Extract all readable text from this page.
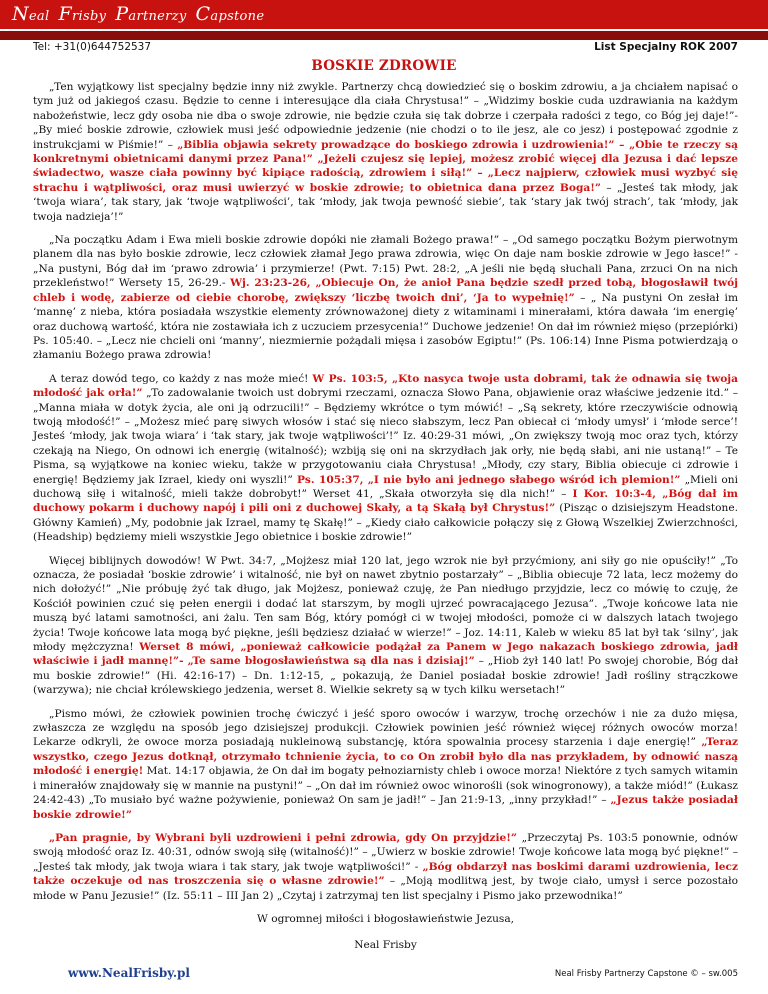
Neal Frisby Partnerzy Capstone
Tel: +31(0)644752537	List Specjalny ROK 2007
BOSKIE ZDROWIE

„Ten wyjątkowy list specjalny będzie inny niż zwykle. Partnerzy chcą dowiedzieć się o boskim zdrowiu, a ja chciałem napisać o tym już od jakiegoś czasu. Będzie to cenne i interesujące dla ciała Chrystusa!” – „Widzimy boskie cuda uzdrawiania na każdym nabożeństwie, lecz gdy osoba nie dba o swoje zdrowie, nie będzie czuła się tak dobrze i czerpała radości z tego, co Bóg jej daje!”- „By mieć boskie zdrowie, człowiek musi jeść odpowiednie jedzenie (nie chodzi o to ile jesz, ale co jesz) i postępować zgodnie z instrukcjami w Piśmie!” – „Biblia objawia sekrety prowadzące do boskiego zdrowia i uzdrowienia!” – „Obie te rzeczy są konkretnymi obietnicami danymi przez Pana!” „Jeżeli czujesz się lepiej, możesz zrobić więcej dla Jezusa i dać lepsze świadectwo, wasze ciała powinny być kipiące radością, zdrowiem i siłą!” – „Lecz najpierw, człowiek musi wyzbyć się strachu i wątpliwości, oraz musi uwierzyć w boskie zdrowie; to obietnica dana przez Boga!” – „Jesteś tak młody, jak ‘twoja wiara’, tak stary, jak ‘twoje wątpliwości’, tak ‘młody, jak twoja pewność siebie’, tak ‘stary jak twój strach’, tak ‘młody, jak twoja nadzieja’!”

„Na początku Adam i Ewa mieli boskie zdrowie dopóki nie złamali Bożego prawa!” – „Od samego początku Bożym pierwotnym planem dla nas było boskie zdrowie, lecz człowiek złamał Jego prawa zdrowia, więc On daje nam boskie zdrowie w Jego łasce!” - „Na pustyni, Bóg dał im ‘prawo zdrowia’ i przymierze! (Pwt. 7:15) Pwt. 28:2, „A jeśli nie będą słuchali Pana, zrzuci On na nich przekleństwo!” Wersety 15, 26-29.- Wj. 23:23-26, „Obiecuje On, że anioł Pana będzie szedł przed tobą, błogosławił twój chleb i wodę, zabierze od ciebie chorobę, zwiększy ‘liczbę twoich dni’, ‘Ja to wypełnię!” – „ Na pustyni On zesłał im ‘mannę’ z nieba, która posiadała wszystkie elementy zrównoważonej diety z witaminami i minerałami, która dawała ‘im energię’ oraz duchową wartość, która nie zostawiała ich z uczuciem przesycenia!” Duchowe jedzenie! On dał im również mięso (przepiórki) Ps. 105:40. – „Lecz nie chcieli oni ‘manny’, niezmiernie pożądali mięsa i zasobów Egiptu!” (Ps. 106:14) Inne Pisma potwierdzają o złamaniu Bożego prawa zdrowia!

A teraz dowód tego, co każdy z nas może mieć! W Ps. 103:5, „Kto nasyca twoje usta dobrami, tak że odnawia się twoja młodość jak orła!” „To zadowalanie twoich ust dobrymi rzeczami, oznacza Słowo Pana, objawienie oraz właściwe jedzenie itd.” – „Manna miała w dotyk życia, ale oni ją odrzucili!” – Będziemy wkrótce o tym mówić! – „Są sekrety, które rzeczywiście odnowią twoją młodość!” – „Możesz mieć parę siwych włosów i stać się nieco słabszym, lecz Pan obiecał ci ‘młody umysł’ i ‘młode serce’! Jesteś ‘młody, jak twoja wiara’ i ‘tak stary, jak twoje wątpliwości’!” Iz. 40:29-31 mówi, „On zwiększy twoją moc oraz tych, którzy czekają na Niego, On odnowi ich energię (witalność); wzbiją się oni na skrzydłach jak orły, nie będą słabi, ani nie ustaną!” – Te Pisma, są wyjątkowe na koniec wieku, także w przygotowaniu ciała Chrystusa! „Młody, czy stary, Biblia obiecuje ci zdrowie i energię! Będziemy jak Izrael, kiedy oni wyszli!” Ps. 105:37, „I nie było ani jednego słabego wśród ich plemion!” „Mieli oni duchową siłę i witalność, mieli także dobrobyt!” Werset 41, „Skała otworzyła się dla nich!” – I Kor. 10:3-4, „Bóg dał im duchowy pokarm i duchowy napój i pili oni z duchowej Skały, a tą Skałą był Chrystus!” (Pisząc o dzisiejszym Headstone. Główny Kamień) „My, podobnie jak Izrael, mamy tę Skałę!” – „Kiedy ciało całkowicie połączy się z Głową Wszelkiej Zwierzchności, (Headship) będziemy mieli wszystkie Jego obietnice i boskie zdrowie!”

Więcej biblijnych dowodów! W Pwt. 34:7, „Mojżesz miał 120 lat, jego wzrok nie był przyćmiony, ani siły go nie opuściły!” „To oznacza, że posiadał ‘boskie zdrowie’ i witalność, nie był on nawet zbytnio postarzały” – „Biblia obiecuje 72 lata, lecz możemy do nich dołożyć!” „Nie próbuję żyć tak długo, jak Mojżesz, ponieważ czuję, że Pan niedługo przyjdzie, lecz co mówię to czuję, że Kościół powinien czuć się pełen energii i dodać lat starszym, by mogli ujrzeć powracającego Jezusa”. „Twoje końcowe lata nie muszą być latami samotności, ani żalu. Ten sam Bóg, który pomógł ci w twojej młodości, pomoże ci w dalszych latach twojego życia! Twoje końcowe lata mogą być piękne, jeśli będziesz działać w wierze!” – Joz. 14:11, Kaleb w wieku 85 lat był tak ‘silny’, jak młody mężczyzna! Werset 8 mówi, „ponieważ całkowicie podążał za Panem w Jego nakazach boskiego zdrowia, jadł właściwie i jadł mannę!”- „Te same błogosławieństwa są dla nas i dzisiaj!” – „Hiob żył 140 lat! Po swojej chorobie, Bóg dał mu boskie zdrowie!” (Hi. 42:16-17) – Dn. 1:12-15, „ pokazują, że Daniel posiadał boskie zdrowie! Jadł rośliny strączkowe (warzywa); nie chciał królewskiego jedzenia, werset 8. Wielkie sekrety są w tych kilku wersetach!”

„Pismo mówi, że człowiek powinien trochę ćwiczyć i jeść sporo owoców i warzyw, trochę orzechów i nie za dużo mięsa, zwłaszcza ze względu na sposób jego dzisiejszej produkcji. Człowiek powinien jeść również więcej różnych owoców morza! Lekarze odkryli, że owoce morza posiadają nukleinową substancję, która spowalnia procesy starzenia i daje energię!” „Teraz wszystko, czego Jezus dotknął, otrzymało tchnienie życia, to co On zrobił było dla nas przykładem, by odnowić naszą młodość i energię! Mat. 14:17 objawia, że On dał im bogaty pełnoziarnisty chleb i owoce morza! Niektóre z tych samych witamin i minerałów znajdowały się w mannie na pustyni!” – „On dał im również owoc winorośli (sok winogronowy), a także miód!” (Łukasz 24:42-43) „To musiało być ważne pożywienie, ponieważ On sam je jadł!” – Jan 21:9-13, „inny przykład!” – „Jezus także posiadał boskie zdrowie!”

„Pan pragnie, by Wybrani byli uzdrowieni i pełni zdrowia, gdy On przyjdzie!” „Przeczytaj Ps. 103:5 ponownie, odnów swoją młodość oraz Iz. 40:31, odnów swoją siłę (witalność)!” – „Uwierz w boskie zdrowie! Twoje końcowe lata mogą być piękne!” – „Jesteś tak młody, jak twoja wiara i tak stary, jak twoje wątpliwości!” - „Bóg obdarzył nas boskimi darami uzdrowienia, lecz także oczekuje od nas troszczenia się o własne zdrowie!” – „Moją modlitwą jest, by twoje ciało, umysł i serce pozostało młode w Panu Jezusie!” (Iz. 55:11 – III Jan 2) „Czytaj i zatrzymaj ten list specjalny i Pismo jako przewodnika!”

W ogromnej miłości i błogosławieństwie Jezusa,

Neal Frisby

www.NealFrisby.pl	Neal Frisby Partnerzy Capstone © – sw.005
